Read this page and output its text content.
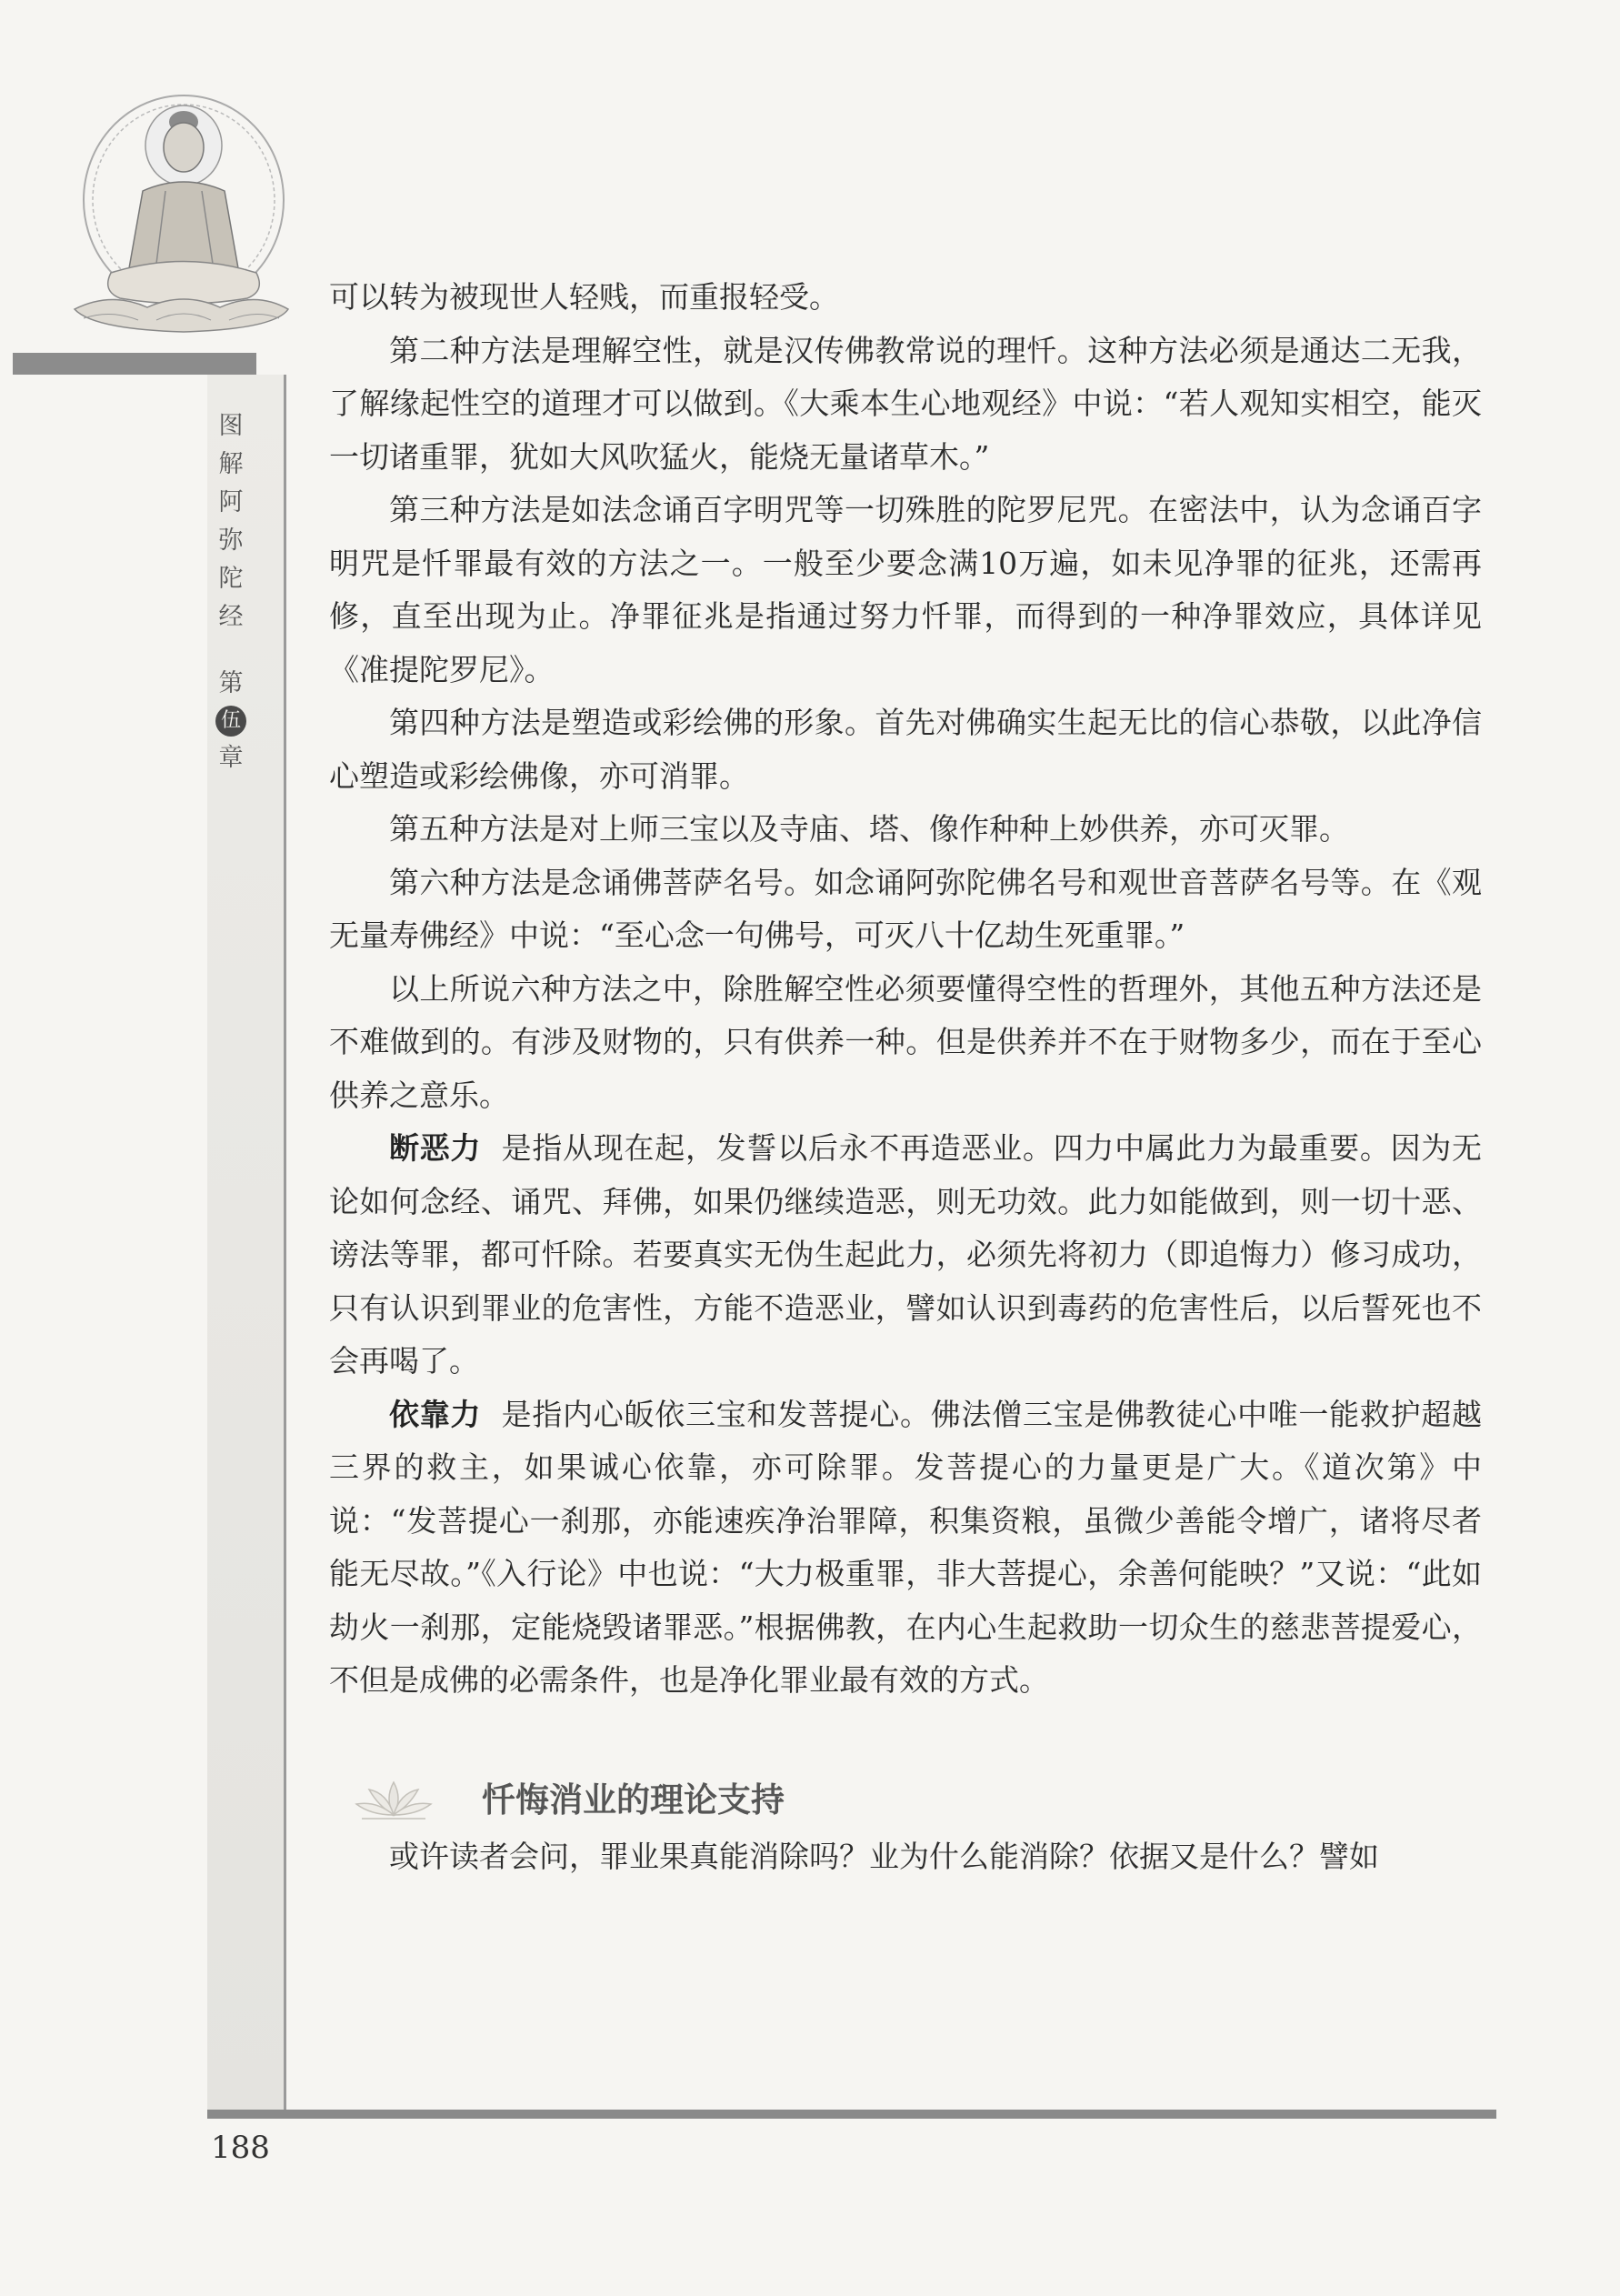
图
解
阿
弥
陀
经
第
伍
章

可以转为被现世人轻贱，而重报轻受。

第二种方法是理解空性，就是汉传佛教常说的理忏。这种方法必须是通达二无我，了解缘起性空的道理才可以做到。《大乘本生心地观经》中说：“若人观知实相空，能灭一切诸重罪，犹如大风吹猛火，能烧无量诸草木。”

第三种方法是如法念诵百字明咒等一切殊胜的陀罗尼咒。在密法中，认为念诵百字明咒是忏罪最有效的方法之一。一般至少要念满10万遍，如未见净罪的征兆，还需再修，直至出现为止。净罪征兆是指通过努力忏罪，而得到的一种净罪效应，具体详见《准提陀罗尼》。

第四种方法是塑造或彩绘佛的形象。首先对佛确实生起无比的信心恭敬，以此净信心塑造或彩绘佛像，亦可消罪。

第五种方法是对上师三宝以及寺庙、塔、像作种种上妙供养，亦可灭罪。

第六种方法是念诵佛菩萨名号。如念诵阿弥陀佛名号和观世音菩萨名号等。在《观无量寿佛经》中说：“至心念一句佛号，可灭八十亿劫生死重罪。”

以上所说六种方法之中，除胜解空性必须要懂得空性的哲理外，其他五种方法还是不难做到的。有涉及财物的，只有供养一种。但是供养并不在于财物多少，而在于至心供养之意乐。

断恶力 是指从现在起，发誓以后永不再造恶业。四力中属此力为最重要。因为无论如何念经、诵咒、拜佛，如果仍继续造恶，则无功效。此力如能做到，则一切十恶、谤法等罪，都可忏除。若要真实无伪生起此力，必须先将初力（即追悔力）修习成功，只有认识到罪业的危害性，方能不造恶业，譬如认识到毒药的危害性后，以后誓死也不会再喝了。

依靠力 是指内心皈依三宝和发菩提心。佛法僧三宝是佛教徒心中唯一能救护超越三界的救主，如果诚心依靠，亦可除罪。发菩提心的力量更是广大。《道次第》中说：“发菩提心一刹那，亦能速疾净治罪障，积集资粮，虽微少善能令增广，诸将尽者能无尽故。”《入行论》中也说：“大力极重罪，非大菩提心，余善何能映？”又说：“此如劫火一刹那，定能烧毁诸罪恶。”根据佛教，在内心生起救助一切众生的慈悲菩提爱心，不但是成佛的必需条件，也是净化罪业最有效的方式。

忏悔消业的理论支持
或许读者会问，罪业果真能消除吗？业为什么能消除？依据又是什么？譬如
188
